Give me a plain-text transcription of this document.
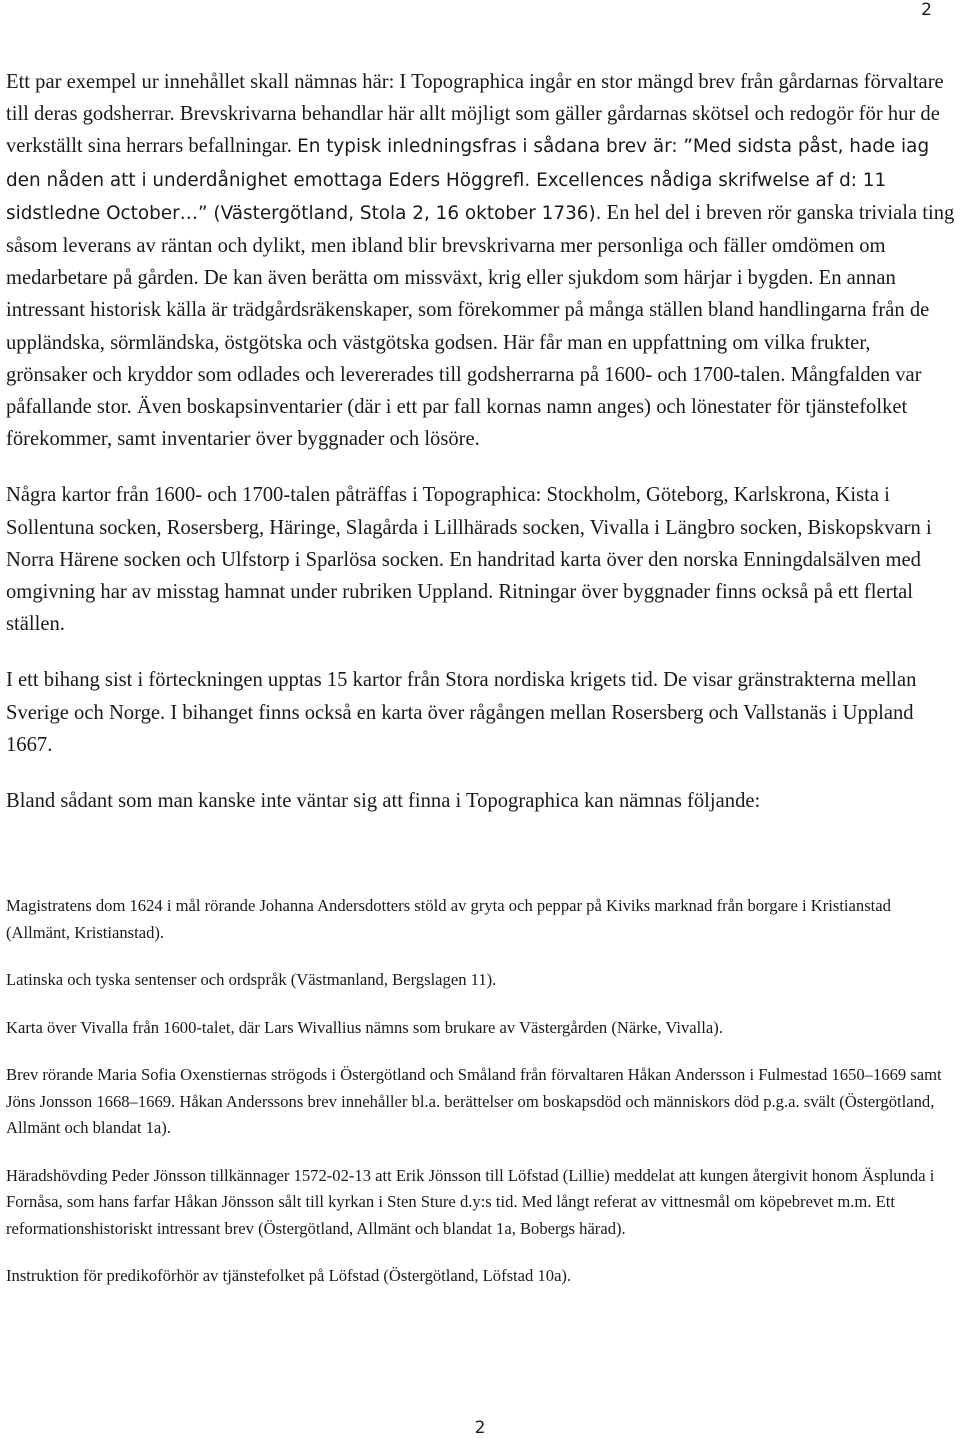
2

Ett par exempel ur innehållet skall nämnas här: I Topographica ingår en stor mängd brev från gårdarnas förvaltare till deras godsherrar. Brevskrivarna behandlar här allt möjligt som gäller gårdarnas skötsel och redogör för hur de verkställt sina herrars befallningar. En typisk inledningsfras i sådana brev är: ”Med sidsta påst, hade iag den nåden att i underdånighet emottaga Eders Höggrefl. Excellences nådiga skrifwelse af d: 11 sidstledne October…” (Västergötland, Stola 2, 16 oktober 1736). En hel del i breven rör ganska triviala ting såsom leverans av räntan och dylikt, men ibland blir brevskrivarna mer personliga och fäller omdömen om medarbetare på gården. De kan även berätta om missväxt, krig eller sjukdom som härjar i bygden. En annan intressant historisk källa är trädgårdsräkenskaper, som förekommer på många ställen bland handlingarna från de uppländska, sörmländska, östgötska och västgötska godsen. Här får man en uppfattning om vilka frukter, grönsaker och kryddor som odlades och levererades till godsherrarna på 1600- och 1700-talen. Mångfalden var påfallande stor. Även boskapsinventarier (där i ett par fall kornas namn anges) och lönestater för tjänstefolket förekommer, samt inventarier över byggnader och lösöre.

Några kartor från 1600- och 1700-talen påträffas i Topographica: Stockholm, Göteborg, Karlskrona, Kista i Sollentuna socken, Rosersberg, Häringe, Slagårda i Lillhärads socken, Vivalla i Längbro socken, Biskopskvarn i Norra Härene socken och Ulfstorp i Sparlösa socken. En handritad karta över den norska Enningdalsälven med omgivning har av misstag hamnat under rubriken Uppland. Ritningar över byggnader finns också på ett flertal ställen.

I ett bihang sist i förteckningen upptas 15 kartor från Stora nordiska krigets tid. De visar gränstrakterna mellan Sverige och Norge. I bihanget finns också en karta över rågången mellan Rosersberg och Vallstanäs i Uppland 1667.

Bland sådant som man kanske inte väntar sig att finna i Topographica kan nämnas följande:

Magistratens dom 1624 i mål rörande Johanna Andersdotters stöld av gryta och peppar på Kiviks marknad från borgare i Kristianstad (Allmänt, Kristianstad).

Latinska och tyska sentenser och ordspråk (Västmanland, Bergslagen 11).

Karta över Vivalla från 1600-talet, där Lars Wivallius nämns som brukare av Västergården (Närke, Vivalla).

Brev rörande Maria Sofia Oxenstiernas strögods i Östergötland och Småland från förvaltaren Håkan Andersson i Fulmestad 1650–1669 samt Jöns Jonsson 1668–1669. Håkan Anderssons brev innehåller bl.a. berättelser om boskapsdöd och människors död p.g.a. svält (Östergötland, Allmänt och blandat 1a).

Häradshövding Peder Jönsson tillkännager 1572-02-13 att Erik Jönsson till Löfstad (Lillie) meddelat att kungen återgivit honom Äsplunda i Fornåsa, som hans farfar Håkan Jönsson sålt till kyrkan i Sten Sture d.y:s tid. Med långt referat av vittnesmål om köpebrevet m.m. Ett reformationshistoriskt intressant brev (Östergötland, Allmänt och blandat 1a, Bobergs härad).

Instruktion för predikoförhör av tjänstefolket på Löfstad (Östergötland, Löfstad 10a).

2
